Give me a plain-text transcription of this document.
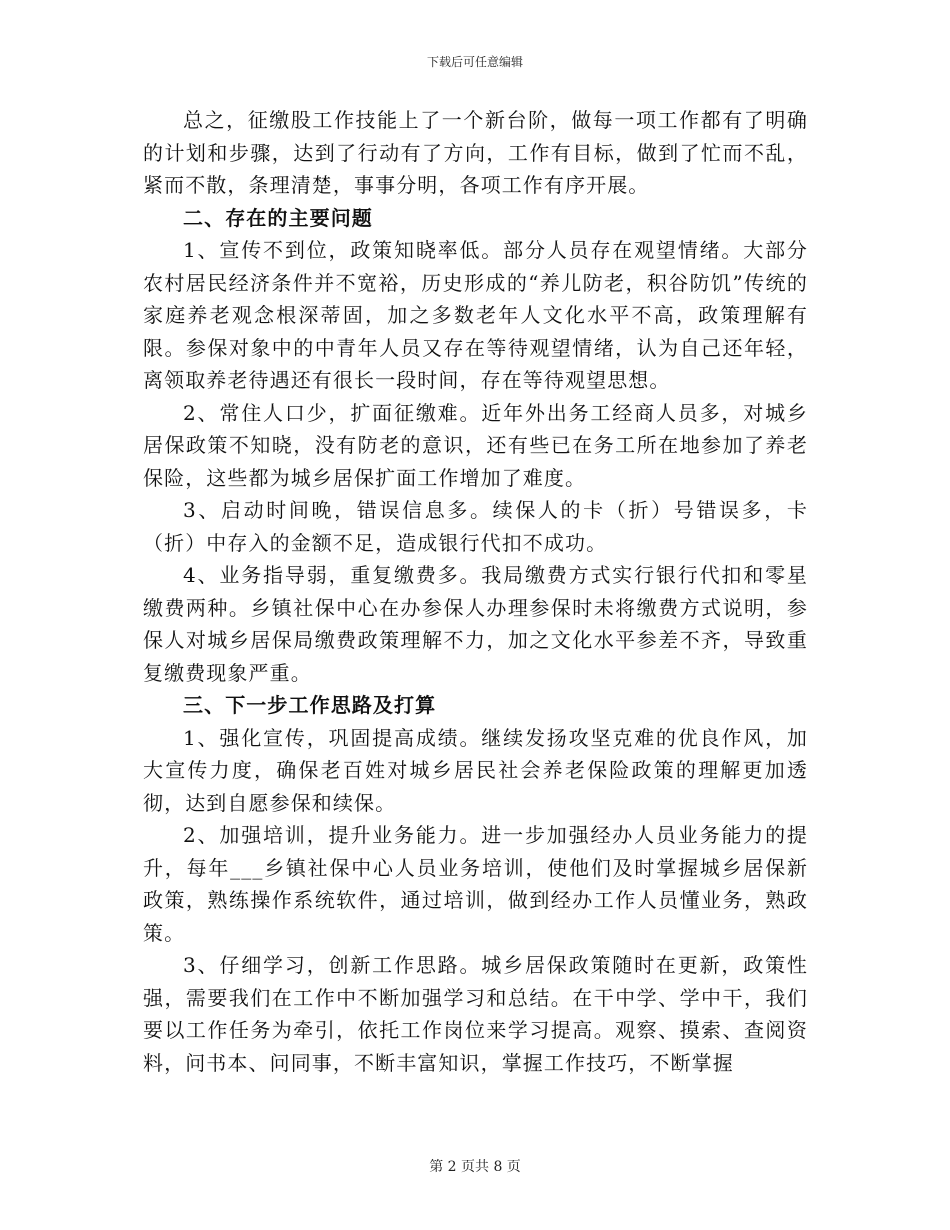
下载后可任意编辑

总之，征缴股工作技能上了一个新台阶，做每一项工作都有了明确的计划和步骤，达到了行动有了方向，工作有目标，做到了忙而不乱，紧而不散，条理清楚，事事分明，各项工作有序开展。

二、存在的主要问题

1、宣传不到位，政策知晓率低。部分人员存在观望情绪。大部分农村居民经济条件并不宽裕，历史形成的“养儿防老，积谷防饥”传统的家庭养老观念根深蒂固，加之多数老年人文化水平不高，政策理解有限。参保对象中的中青年人员又存在等待观望情绪，认为自己还年轻，离领取养老待遇还有很长一段时间，存在等待观望思想。

2、常住人口少，扩面征缴难。近年外出务工经商人员多，对城乡居保政策不知晓，没有防老的意识，还有些已在务工所在地参加了养老保险，这些都为城乡居保扩面工作增加了难度。

3、启动时间晚，错误信息多。续保人的卡（折）号错误多，卡（折）中存入的金额不足，造成银行代扣不成功。

4、业务指导弱，重复缴费多。我局缴费方式实行银行代扣和零星缴费两种。乡镇社保中心在办参保人办理参保时未将缴费方式说明，参保人对城乡居保局缴费政策理解不力，加之文化水平参差不齐，导致重复缴费现象严重。

三、下一步工作思路及打算

1、强化宣传，巩固提高成绩。继续发扬攻坚克难的优良作风，加大宣传力度，确保老百姓对城乡居民社会养老保险政策的理解更加透彻，达到自愿参保和续保。

2、加强培训，提升业务能力。进一步加强经办人员业务能力的提升，每年___乡镇社保中心人员业务培训，使他们及时掌握城乡居保新政策，熟练操作系统软件，通过培训，做到经办工作人员懂业务，熟政策。

3、仔细学习，创新工作思路。城乡居保政策随时在更新，政策性强，需要我们在工作中不断加强学习和总结。在干中学、学中干，我们要以工作任务为牵引，依托工作岗位来学习提高。观察、摸索、查阅资料，问书本、问同事，不断丰富知识，掌握工作技巧，不断掌握

第 2 页共 8 页
